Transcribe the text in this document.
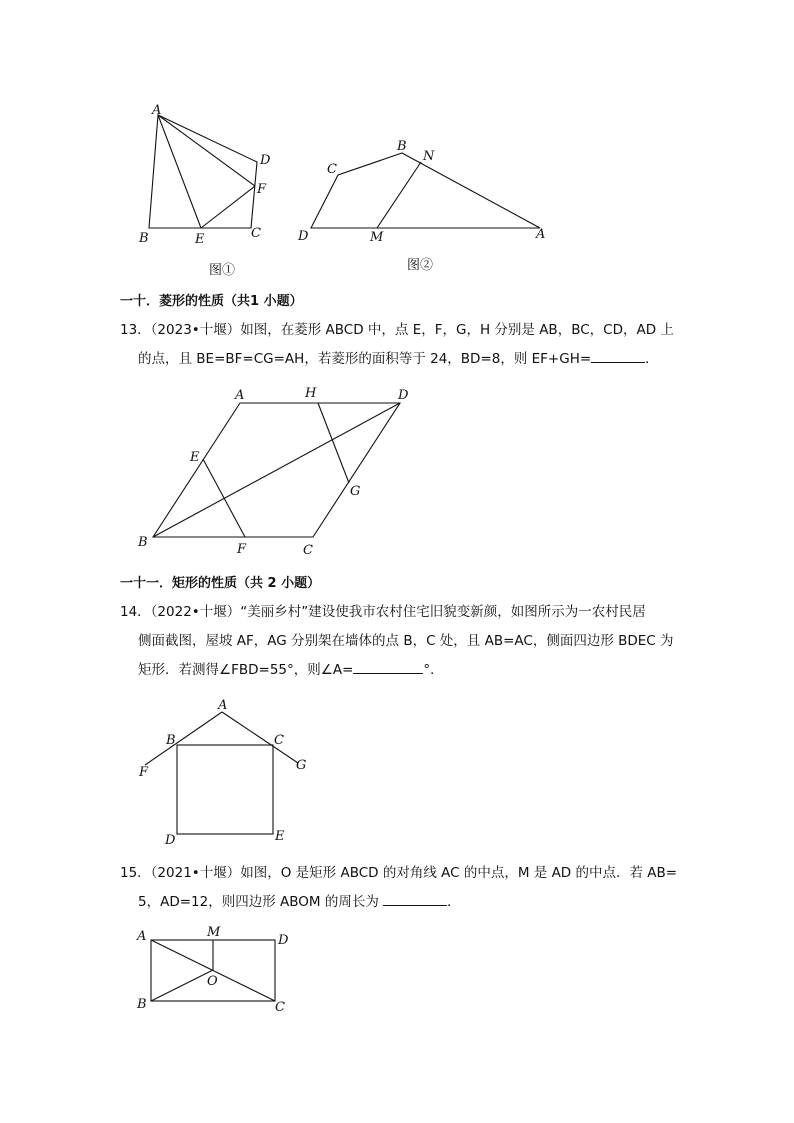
A
B	C
D
E
F
图①
A
B
C
D	M
N
图②
一十．菱形的性质（共1 小题）
13．（2023•十堰）如图，在菱形 ABCD 中，点 E，F，G，H 分别是 AB，BC，CD，AD 上
的点，且 BE=BF=CG=AH，若菱形的面积等于 24，BD=8，则 EF+GH=	．
A
B
C
D
E
F
G
H
一十一．矩形的性质（共 2 小题）
14．（2022•十堰）“美丽乡村”建设使我市农村住宅旧貌变新颜，如图所示为一农村民居
侧面截图，屋坡 AF，AG 分别架在墙体的点 B，C 处，且 AB=AC，侧面四边形 BDEC 为
矩形．若测得∠FBD=55°，则∠A=	°．
A
B	C
D	E
F	G
15．（2021•十堰）如图，O 是矩形 ABCD 的对角线 AC 的中点，M 是 AD 的中点．若 AB=
5，AD=12，则四边形 ABOM 的周长为	．
A
B	C
D
M
O
